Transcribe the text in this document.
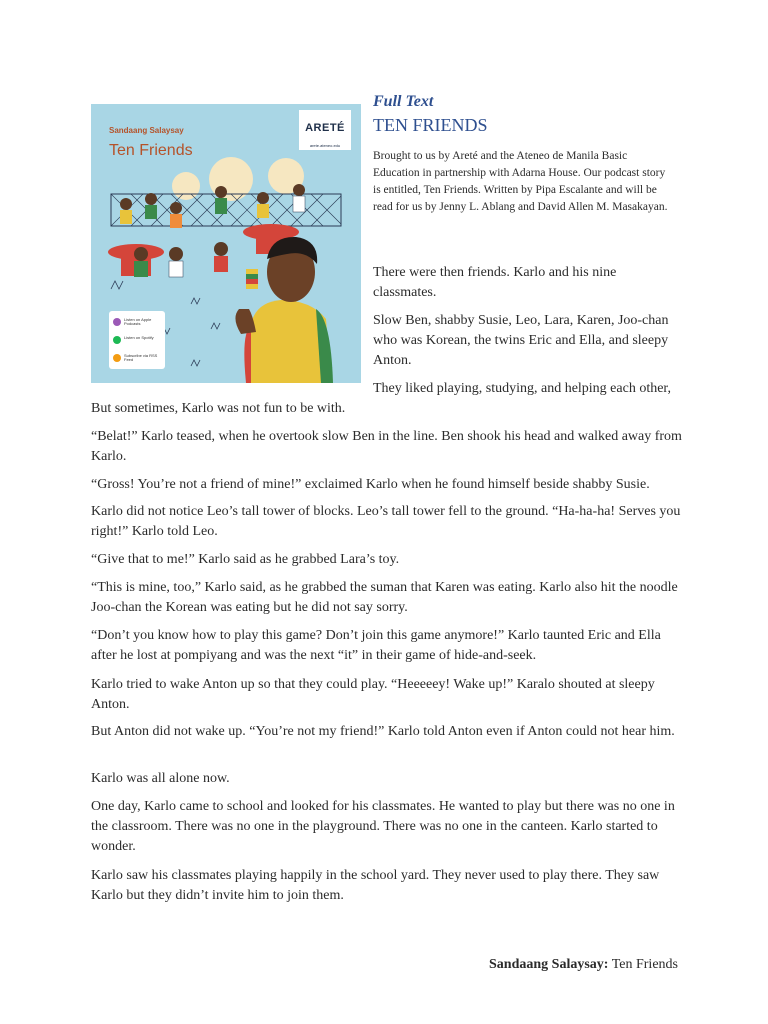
Sandaang Salaysay
Ten Friends
ARETÉ
arete.ateneo.edu
Listen on Apple Podcasts
Listen on Spotify
Subscribe via RSS Feed
Full Text
TEN FRIENDS
Brought to us by Areté and the Ateneo de Manila Basic Education in partnership with Adarna House. Our podcast story is entitled, Ten Friends. Written by Pipa Escalante and will be read for us by Jenny L. Ablang and David Allen M. Masakayan.

There were then friends. Karlo and his nine classmates.

Slow Ben, shabby Susie, Leo, Lara, Karen, Joo-chan who was Korean, the twins Eric and Ella, and sleepy Anton.

They liked playing, studying, and helping each other,

But sometimes, Karlo was not fun to be with.

“Belat!” Karlo teased, when he overtook slow Ben in the line. Ben shook his head and walked away from Karlo.

“Gross! You’re not a friend of mine!” exclaimed Karlo when he found himself beside shabby Susie.

Karlo did not notice Leo’s tall tower of blocks. Leo’s tall tower fell to the ground. “Ha-ha-ha! Serves you right!” Karlo told Leo.

“Give that to me!” Karlo said as he grabbed Lara’s toy.

“This is mine, too,” Karlo said, as he grabbed the suman that Karen was eating. Karlo also hit the noodle Joo-chan the Korean was eating but he did not say sorry.

“Don’t you know how to play this game? Don’t join this game anymore!” Karlo taunted Eric and Ella after he lost at pompiyang and was the next “it” in their game of hide-and-seek.

Karlo tried to wake Anton up so that they could play. “Heeeeey! Wake up!” Karalo shouted at sleepy Anton.

But Anton did not wake up. “You’re not my friend!” Karlo told Anton even if Anton could not hear him.

Karlo was all alone now.

One day, Karlo came to school and looked for his classmates. He wanted to play but there was no one in the classroom. There was no one in the playground. There was no one in the canteen. Karlo started to wonder.

Karlo saw his classmates playing happily in the school yard. They never used to play there. They saw Karlo but they didn’t invite him to join them.

Sandaang Salaysay: Ten Friends
